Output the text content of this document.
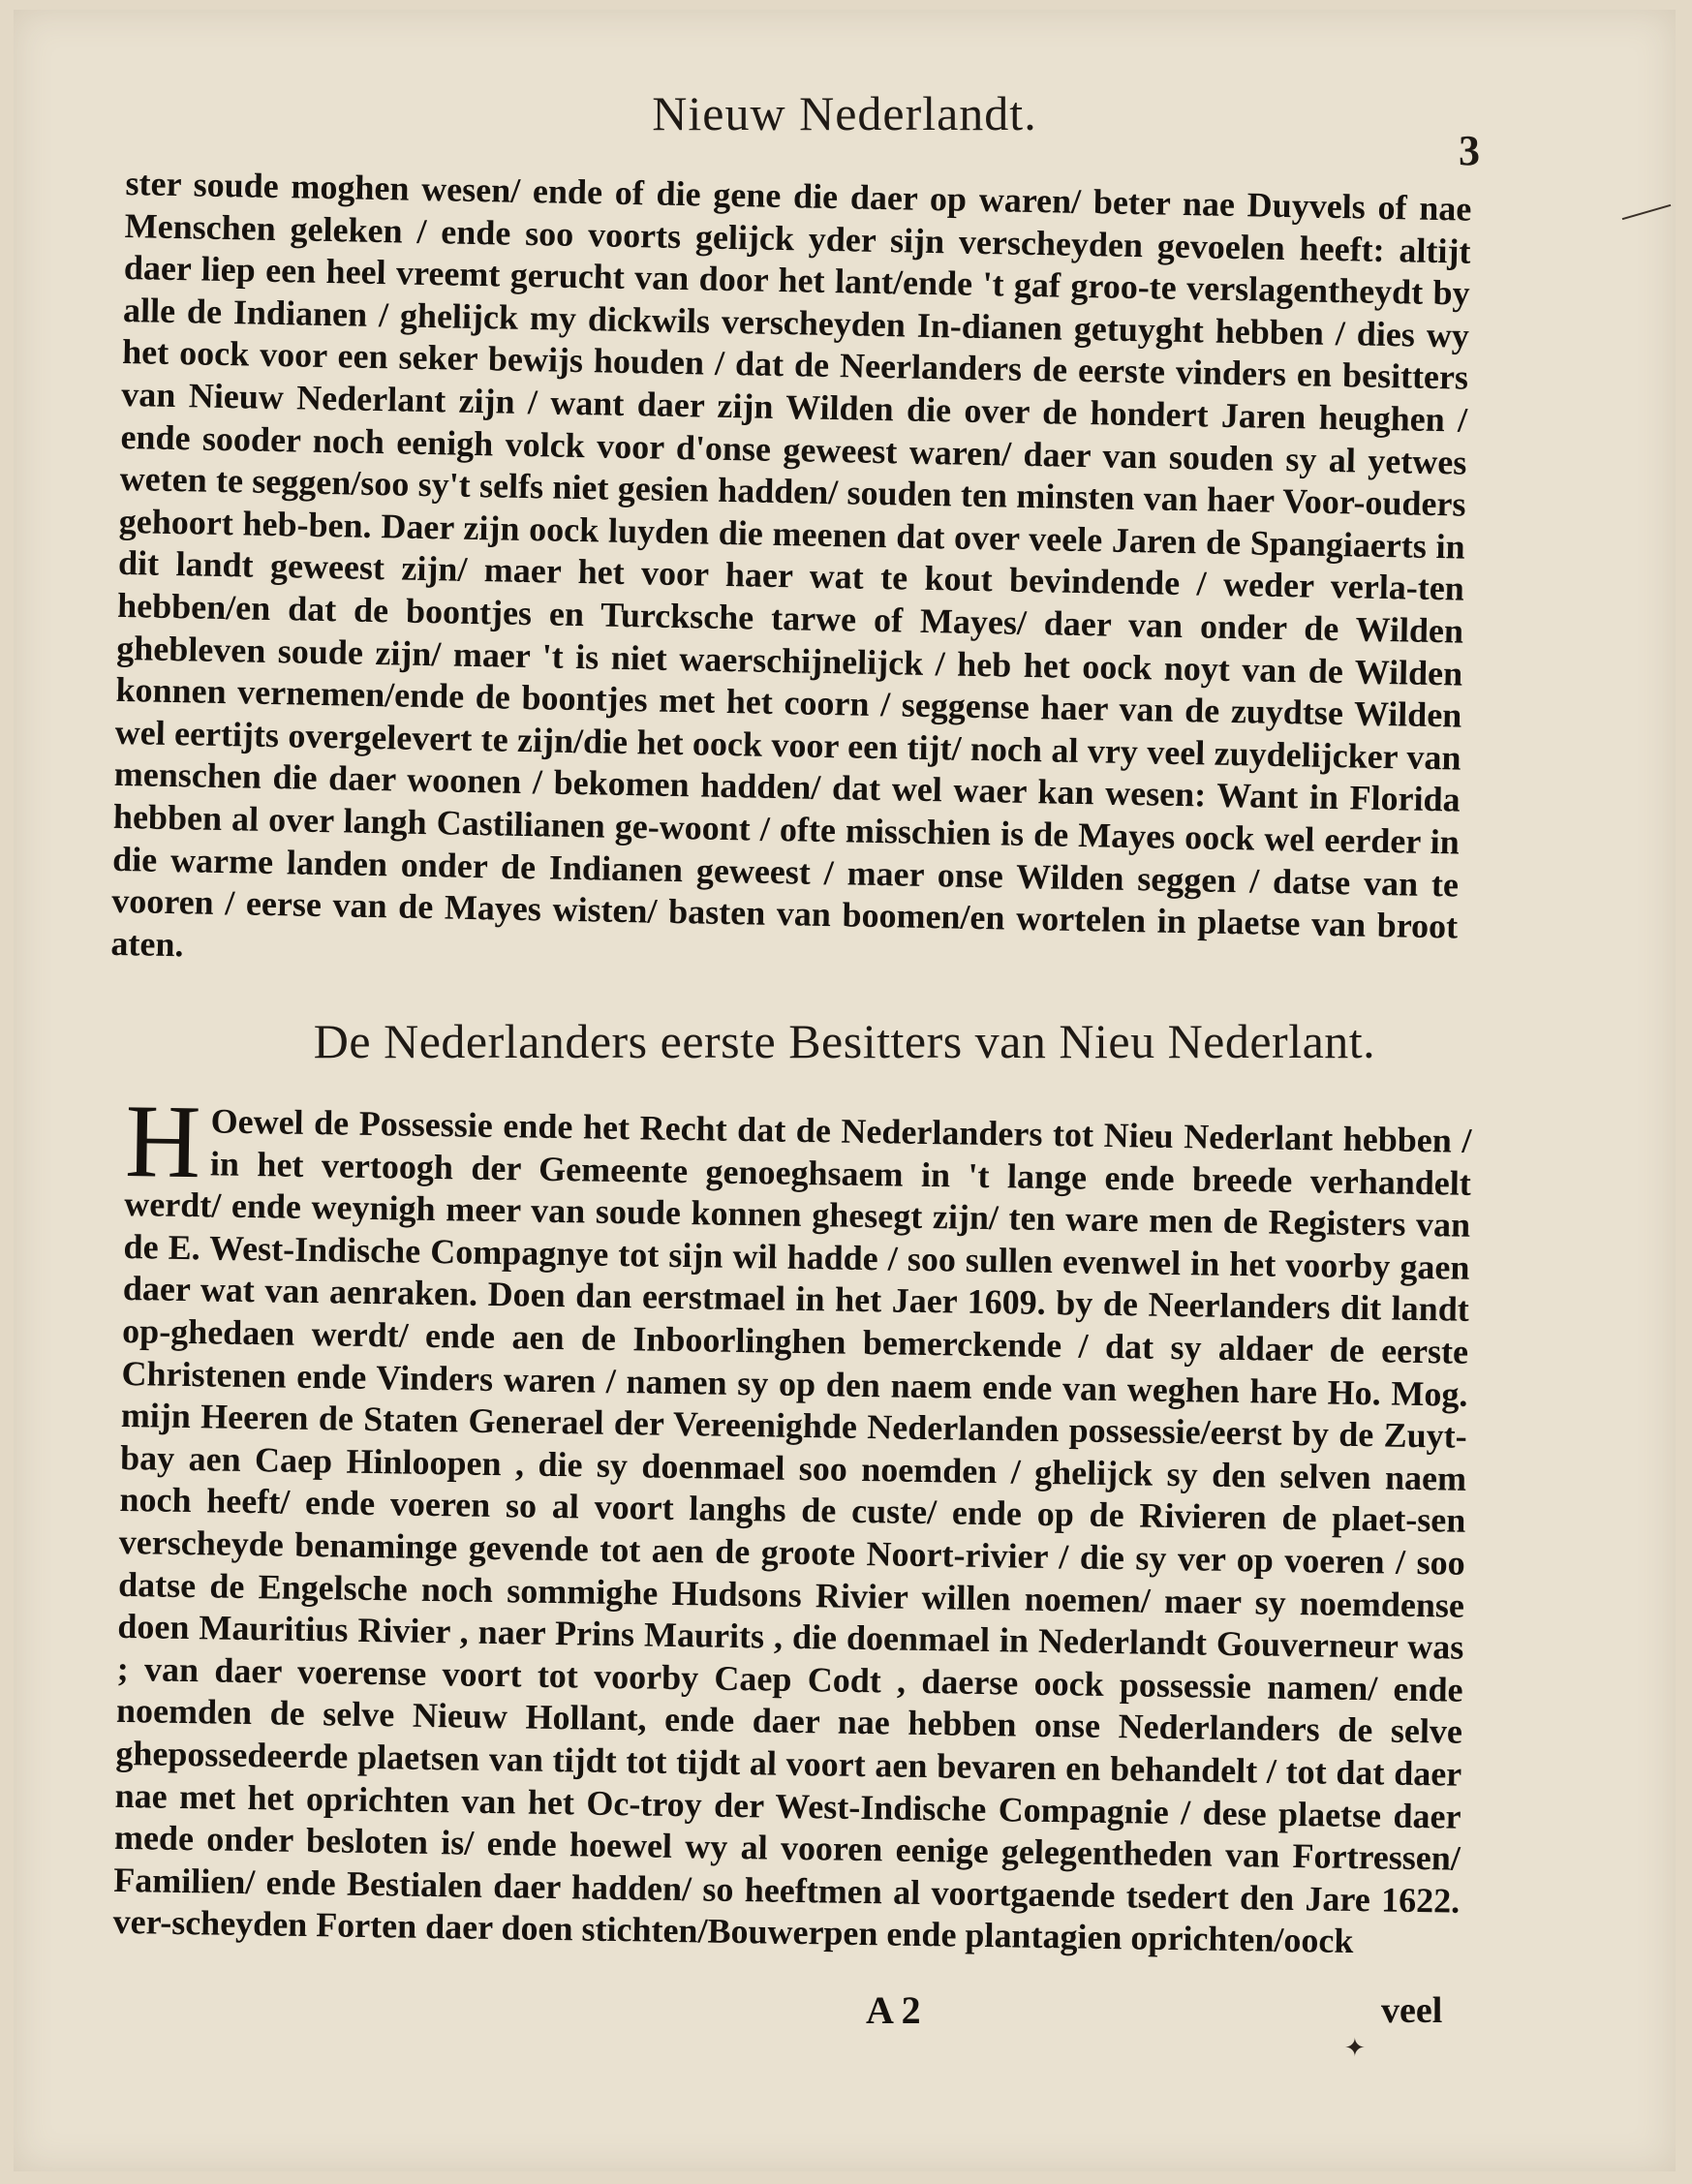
Nieuw Nederlandt.
3
ster soude moghen wesen/ ende of die gene die daer op waren/ beter nae Duyvels of nae Menschen geleken / ende soo voorts gelijck yder sijn verscheyden gevoelen heeft: altijt daer liep een heel vreemt gerucht van door het lant/ende 't gaf groo-te verslagentheydt by alle de Indianen / ghelijck my dickwils verscheyden In-dianen getuyght hebben / dies wy het oock voor een seker bewijs houden / dat de Neerlanders de eerste vinders en besitters van Nieuw Nederlant zijn / want daer zijn Wilden die over de hondert Jaren heughen / ende sooder noch eenigh volck voor d'onse geweest waren/ daer van souden sy al yetwes weten te seggen/soo sy't selfs niet gesien hadden/ souden ten minsten van haer Voor-ouders gehoort heb-ben. Daer zijn oock luyden die meenen dat over veele Jaren de Spangiaerts in dit landt geweest zijn/ maer het voor haer wat te kout bevindende / weder verla-ten hebben/en dat de boontjes en Turcksche tarwe of Mayes/ daer van onder de Wilden ghebleven soude zijn/ maer 't is niet waerschijnelijck / heb het oock noyt van de Wilden konnen vernemen/ende de boontjes met het coorn / seggense haer van de zuydtse Wilden wel eertijts overgelevert te zijn/die het oock voor een tijt/ noch al vry veel zuydelijcker van menschen die daer woonen / bekomen hadden/ dat wel waer kan wesen: Want in Florida hebben al over langh Castilianen ge-woont / ofte misschien is de Mayes oock wel eerder in die warme landen onder de Indianen geweest / maer onse Wilden seggen / datse van te vooren / eerse van de Mayes wisten/ basten van boomen/en wortelen in plaetse van broot aten.
De Nederlanders eerste Besitters van Nieu Nederlant.
H Oewel de Possessie ende het Recht dat de Nederlanders tot Nieu Nederlant hebben / in het vertoogh der Gemeente genoeghsaem in 't lange ende breede verhandelt werdt/ ende weynigh meer van soude konnen ghesegt zijn/ ten ware men de Registers van de E. West-Indische Compagnye tot sijn wil hadde / soo sullen evenwel in het voorby gaen daer wat van aenraken. Doen dan eerstmael in het Jaer 1609. by de Neerlanders dit landt op-ghedaen werdt/ ende aen de Inboorlinghen bemerckende / dat sy aldaer de eerste Christenen ende Vinders waren / namen sy op den naem ende van weghen hare Ho. Mog. mijn Heeren de Staten Generael der Vereenighde Nederlanden possessie/eerst by de Zuyt-bay aen Caep Hinloopen , die sy doenmael soo noemden / ghelijck sy den selven naem noch heeft/ ende voeren so al voort langhs de custe/ ende op de Rivieren de plaet-sen verscheyde benaminge gevende tot aen de groote Noort-rivier / die sy ver op voeren / soo datse de Engelsche noch sommighe Hudsons Rivier willen noemen/ maer sy noemdense doen Mauritius Rivier , naer Prins Maurits , die doenmael in Nederlandt Gouverneur was ; van daer voerense voort tot voorby Caep Codt , daerse oock possessie namen/ ende noemden de selve Nieuw Hollant, ende daer nae hebben onse Nederlanders de selve ghepossedeerde plaetsen van tijdt tot tijdt al voort aen bevaren en behandelt / tot dat daer nae met het oprichten van het Oc-troy der West-Indische Compagnie / dese plaetse daer mede onder besloten is/ ende hoewel wy al vooren eenige gelegentheden van Fortressen/ Familien/ ende Bestialen daer hadden/ so heeftmen al voortgaende tsedert den Jare 1622. ver-scheyden Forten daer doen stichten/Bouwerpen ende plantagien oprichten/oock
A 2	veel
✦
